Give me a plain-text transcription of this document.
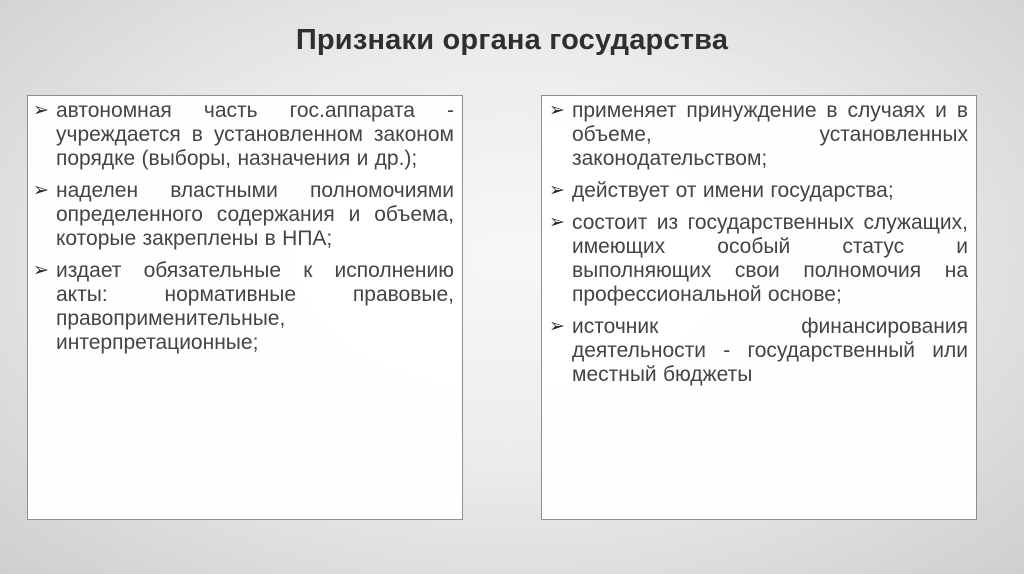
Признаки органа государства
➢ автономная часть гос.аппарата - учреждается в установленном законом порядке (выборы, назначения и др.);
➢ наделен властными полномочиями определенного содержания и объема, которые закреплены в НПА;
➢ издает обязательные к исполнению акты: нормативные правовые, правоприменительные, интерпретационные;
➢ применяет принуждение в случаях и в объеме, установленных законодательством;
➢ действует от имени государства;
➢ состоит из государственных служащих, имеющих особый статус и выполняющих свои полномочия на профессиональной основе;
➢ источник финансирования деятельности - государственный или местный бюджеты
